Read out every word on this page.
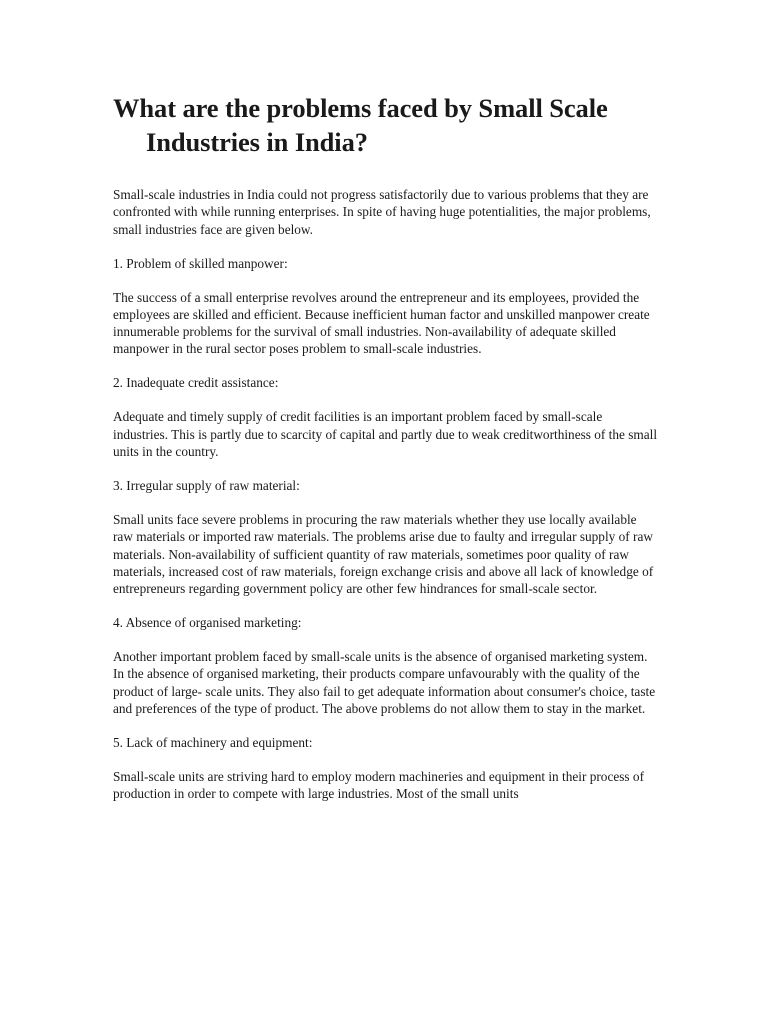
What are the problems faced by Small Scale Industries in India?

Small-scale industries in India could not progress satisfactorily due to various problems that they are confronted with while running enterprises. In spite of having huge potentialities, the major problems, small industries face are given below.

1. Problem of skilled manpower:

The success of a small enterprise revolves around the entrepreneur and its employees, provided the employees are skilled and efficient. Because inefficient human factor and unskilled manpower create innumerable problems for the survival of small industries. Non-availability of adequate skilled manpower in the rural sector poses problem to small-scale industries.

2. Inadequate credit assistance:

Adequate and timely supply of credit facilities is an important problem faced by small-scale industries. This is partly due to scarcity of capital and partly due to weak creditworthiness of the small units in the country.

3. Irregular supply of raw material:

Small units face severe problems in procuring the raw materials whether they use locally available raw materials or imported raw materials. The problems arise due to faulty and irregular supply of raw materials. Non-availability of sufficient quantity of raw materials, sometimes poor quality of raw materials, increased cost of raw materials, foreign exchange crisis and above all lack of knowledge of entrepreneurs regarding government policy are other few hindrances for small-scale sector.

4. Absence of organised marketing:

Another important problem faced by small-scale units is the absence of organised marketing system. In the absence of organised marketing, their products compare unfavourably with the quality of the product of large- scale units. They also fail to get adequate information about consumer's choice, taste and preferences of the type of product. The above problems do not allow them to stay in the market.

5. Lack of machinery and equipment:

Small-scale units are striving hard to employ modern machineries and equipment in their process of production in order to compete with large industries. Most of the small units
